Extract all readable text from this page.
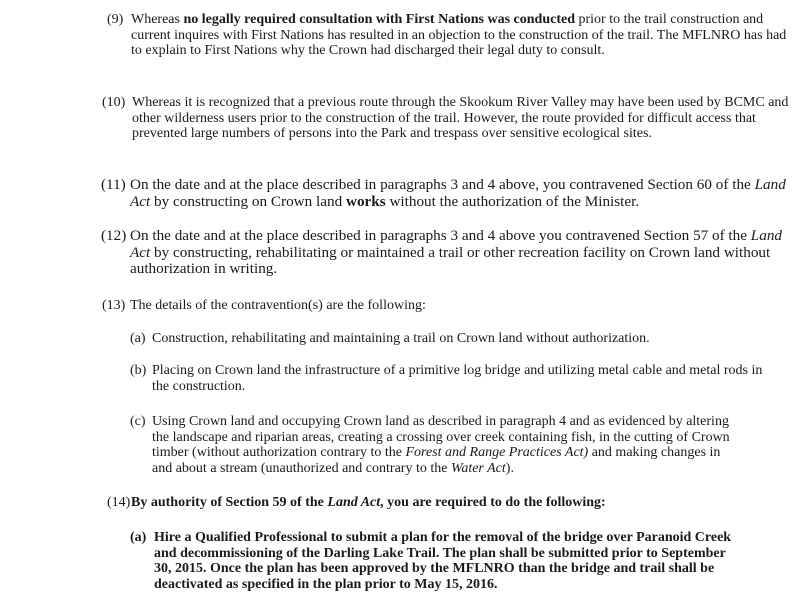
(9) Whereas no legally required consultation with First Nations was conducted prior to the trail construction and current inquires with First Nations has resulted in an objection to the construction of the trail. The MFLNRO has had to explain to First Nations why the Crown had discharged their legal duty to consult.
(10) Whereas it is recognized that a previous route through the Skookum River Valley may have been used by BCMC and other wilderness users prior to the construction of the trail. However, the route provided for difficult access that prevented large numbers of persons into the Park and trespass over sensitive ecological sites.
(11) On the date and at the place described in paragraphs 3 and 4 above, you contravened Section 60 of the Land Act by constructing on Crown land works without the authorization of the Minister.
(12) On the date and at the place described in paragraphs 3 and 4 above you contravened Section 57 of the Land Act by constructing, rehabilitating or maintained a trail or other recreation facility on Crown land without authorization in writing.
(13) The details of the contravention(s) are the following:
(a) Construction, rehabilitating and maintaining a trail on Crown land without authorization.
(b) Placing on Crown land the infrastructure of a primitive log bridge and utilizing metal cable and metal rods in the construction.
(c) Using Crown land and occupying Crown land as described in paragraph 4 and as evidenced by altering the landscape and riparian areas, creating a crossing over creek containing fish, in the cutting of Crown timber (without authorization contrary to the Forest and Range Practices Act) and making changes in and about a stream (unauthorized and contrary to the Water Act).
(14) By authority of Section 59 of the Land Act, you are required to do the following:
(a) Hire a Qualified Professional to submit a plan for the removal of the bridge over Paranoid Creek and decommissioning of the Darling Lake Trail. The plan shall be submitted prior to September 30, 2015. Once the plan has been approved by the MFLNRO than the bridge and trail shall be deactivated as specified in the plan prior to May 15, 2016.
